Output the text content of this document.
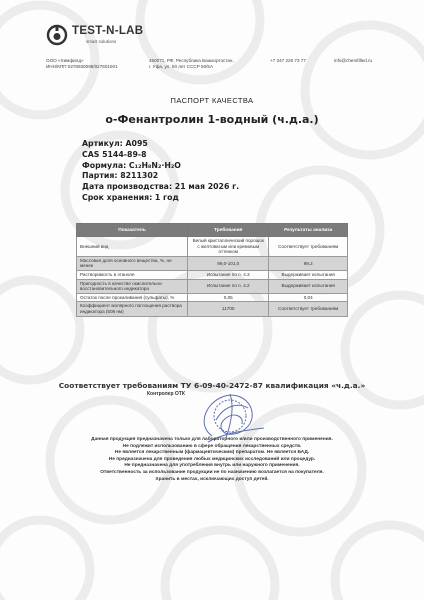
TEST-N-LAB
smart solutions
ООО «Химфилд»
ИНН/КПП 0278930098/027601001
450071, РФ, Республика Башкортостан,
г. Уфа, ул. 50 лет СССР 50/5А
+7 347 226 73 77	info@chemfilled.ru
ПАСПОРТ КАЧЕСТВА
о-Фенантролин 1-водный (ч.д.а.)
Артикул: A095
CAS 5144-89-8
Формула: C₁₂H₈N₂·H₂O
Партия: 8211302
Дата производства: 21 мая 2026 г.
Срок хранения: 1 год
Показатель	Требования	Результаты анализа
Внешний вид	Белый кристаллический порошок с желтоватым или кремовым оттенком	Соответствует требованиям
Массовая доля основного вещества, %, не менее	99,0-101,0	99,2
Растворимость в этаноле	Испытание по п. 4.3	Выдерживает испытания
Пригодность в качестве окислительно-восстановительного индикатора	Испытание по п. 4.2	Выдерживает испытания
Остаток после прокаливания (сульфаты), %	0,05	0,04
Коэффициент молярного поглощения раствора индикатора (508 нм)	11700	Соответствует требованиям
Соответствует требованиям ТУ 6-09-40-2472-87 квалификация «ч.д.а.»
Контролер ОТК
Данная продукция предназначена только для лабораторного и/или производственного применения.
Не подлежит использованию в сфере обращения лекарственных средств.
Не является лекарственным (фармацевтическим) препаратом. Не является БАД.
Не предназначена для проведения любых медицинских исследований или процедур.
Не предназначена для употребления внутрь или наружного применения.
Ответственность за использование продукции не по назначению возлагается на покупателя.
Хранить в местах, исключающих доступ детей.
